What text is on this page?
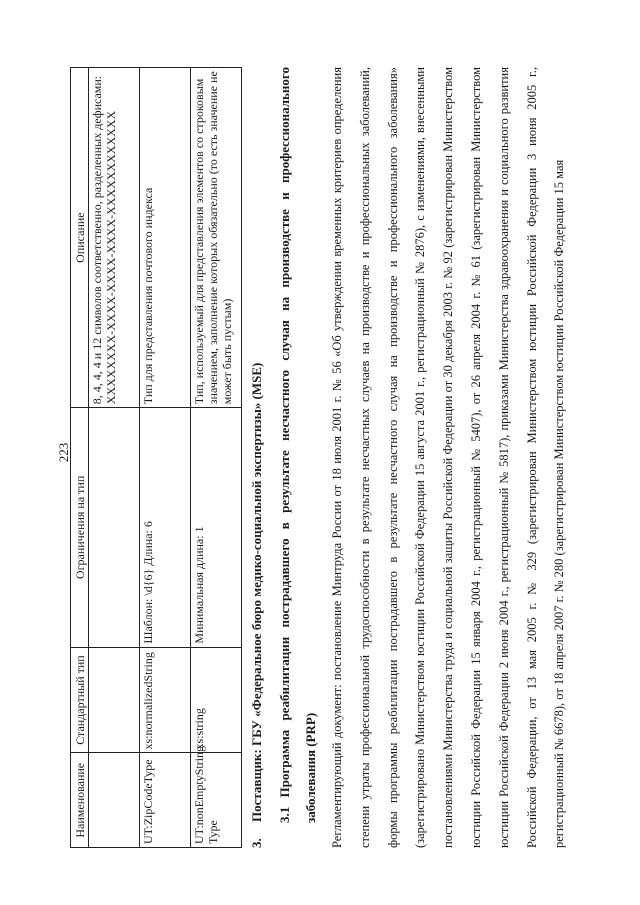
223
Наименование	Стандартный тип	Ограничения на тип	Описание
			8, 4, 4, 4 и 12 символов соответственно, разделенных дефисами: XXXXXXXX-XXXX-XXXX-XXXX-XXXXXXXXXXXX
UT:ZipCodeType	xs:normalizedString	Шаблон: \d{6} Длина: 6	Тип для представления почтового индекса
UT:nonEmptyString Type	xs:string	Минимальная длина: 1	Тип, используемый для представления элементов со строковым значением, заполнение которых обязательно (то есть значение не может быть пустым)
3.Поставщик: ГБУ «Федеральное бюро медико-социальной экспертизы» (MSE)	3.1 Программа реабилитации пострадавшего в результате несчастного случая на производстве и профессионального заболевания (PRP) Регламентирующий документ: постановление Минтруда России от 18 июля 2001 г. № 56 «Об утверждении временных критериев определения степени утраты профессиональной трудоспособности в результате несчастных случаев на производстве и профессиональных заболеваний, формы программы реабилитации пострадавшего в результате несчастного случая на производстве и профессионального заболевания» (зарегистрировано Министерством юстиции Российской Федерации 15 августа 2001 г., регистрационный № 2876), с изменениями, внесенными постановлениями Министерства труда и социальной защиты Российской Федерации от 30 декабря 2003 г. № 92 (зарегистрирован Министерством юстиции Российской Федерации 15 января 2004 г., регистрационный № 5407), от 26 апреля 2004 г. № 61 (зарегистрирован Министерством юстиции Российской Федерации 2 июня 2004 г., регистрационный № 5817), приказами Министерства здравоохранения и социального развития Российской Федерации, от 13 мая 2005 г. № 329 (зарегистрирован Министерством юстиции Российской Федерации 3 июня 2005 г., регистрационный № 6678), от 18 апреля 2007 г. № 280 (зарегистрирован Министерством юстиции Российской Федерации 15 мая
